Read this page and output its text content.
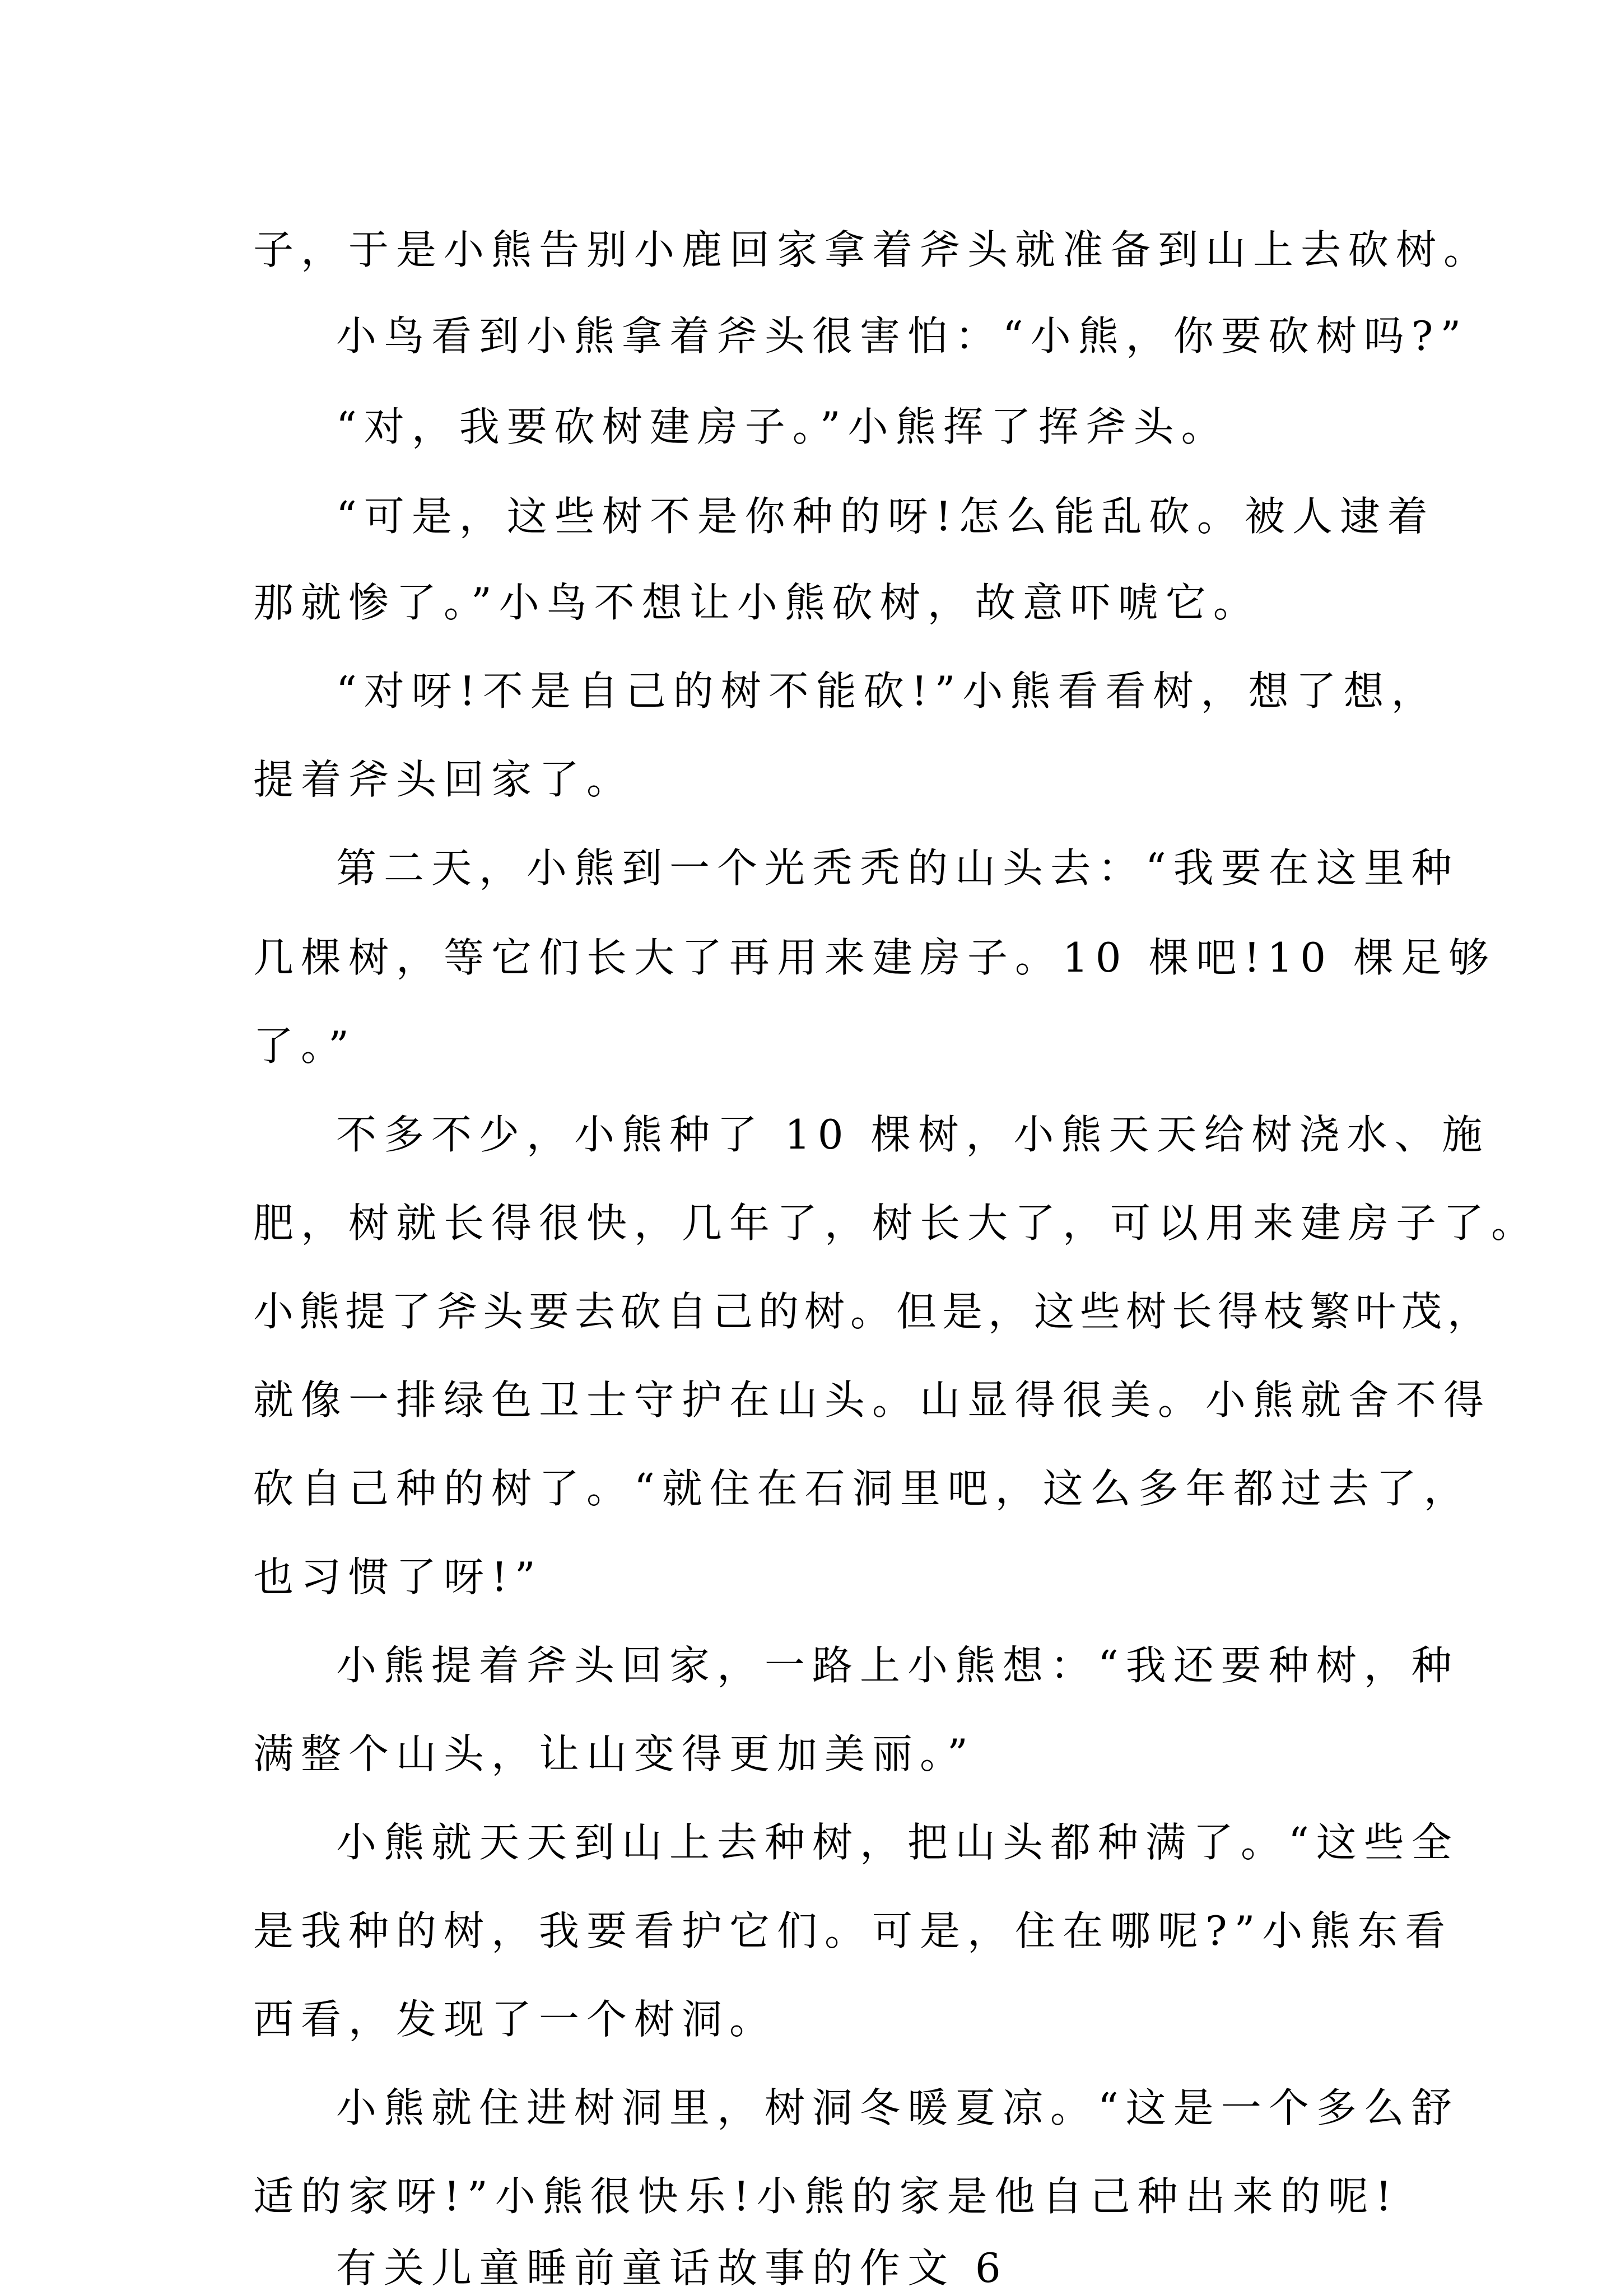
子，于是小熊告别小鹿回家拿着斧头就准备到山上去砍树。
小鸟看到小熊拿着斧头很害怕：“小熊，你要砍树吗?”
“对，我要砍树建房子。”小熊挥了挥斧头。
“可是，这些树不是你种的呀!怎么能乱砍。被人逮着
那就惨了。”小鸟不想让小熊砍树，故意吓唬它。
“对呀!不是自己的树不能砍!”小熊看看树，想了想，
提着斧头回家了。
第二天，小熊到一个光秃秃的山头去：“我要在这里种
几棵树，等它们长大了再用来建房子。10 棵吧!10 棵足够
了。”
不多不少，小熊种了 10 棵树，小熊天天给树浇水、施
肥，树就长得很快，几年了，树长大了，可以用来建房子了。
小熊提了斧头要去砍自己的树。但是，这些树长得枝繁叶茂，
就像一排绿色卫士守护在山头。山显得很美。小熊就舍不得
砍自己种的树了。“就住在石洞里吧，这么多年都过去了，
也习惯了呀!”
小熊提着斧头回家，一路上小熊想：“我还要种树，种
满整个山头，让山变得更加美丽。”
小熊就天天到山上去种树，把山头都种满了。“这些全
是我种的树，我要看护它们。可是，住在哪呢?”小熊东看
西看，发现了一个树洞。
小熊就住进树洞里，树洞冬暖夏凉。“这是一个多么舒
适的家呀!”小熊很快乐!小熊的家是他自己种出来的呢!
有关儿童睡前童话故事的作文 6
